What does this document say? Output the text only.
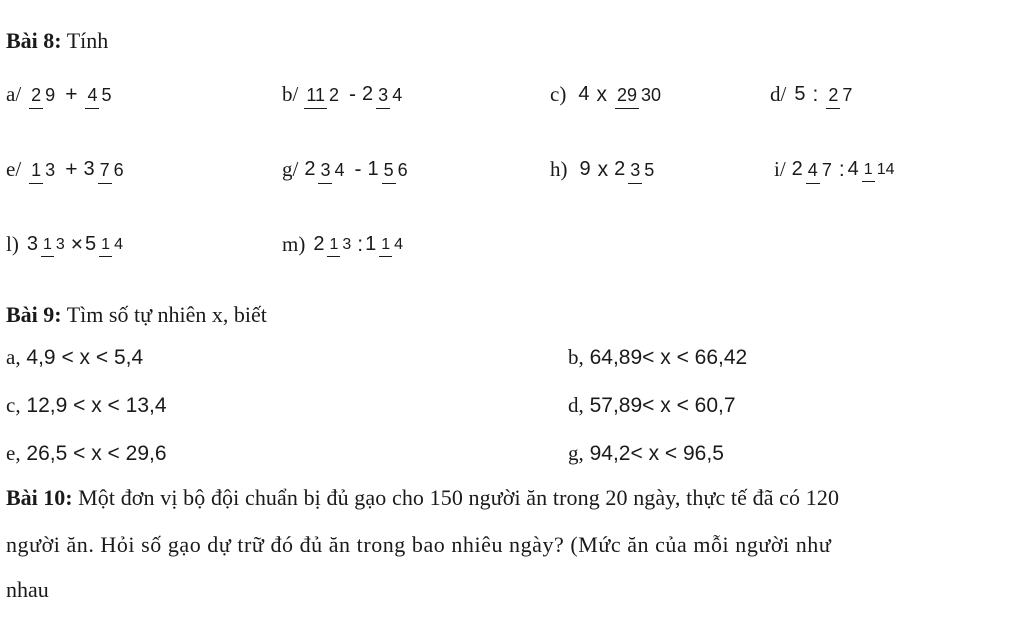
Bài 8: Tính
a/ 2 9 + 4 5	b/ 11 2 - 2 3 4	c) 4 x 29 30	d/ 5 : 2 7
e/ 1 3 + 3 7 6	g/ 2 3 4 - 1 5 6	h) 9 x 2 3 5	i/ 2 4 7 : 4 1 14
l) 3 1 3 × 5 1 4	m) 2 1 3 : 1 1 4
Bài 9: Tìm số tự nhiên x, biết
a, 4,9 < x < 5,4	b, 64,89< x < 66,42
c, 12,9 < x < 13,4	d, 57,89< x < 60,7
e, 26,5 < x < 29,6	g, 94,2< x < 96,5
Bài 10: Một đơn vị bộ đội chuẩn bị đủ gạo cho 150 người ăn trong 20 ngày, thực tế đã có 120
người ăn. Hỏi số gạo dự trữ đó đủ ăn trong bao nhiêu ngày? (Mức ăn của mỗi người như
nhau
